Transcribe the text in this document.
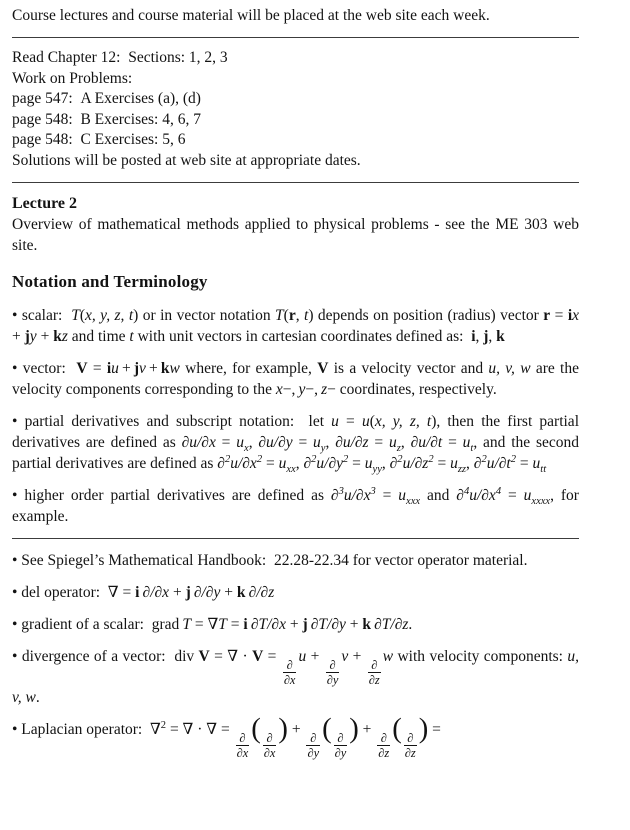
Course lectures and course material will be placed at the web site each week.

Read Chapter 12:  Sections: 1, 2, 3
Work on Problems:
page 547:  A Exercises (a), (d)
page 548:  B Exercises: 4, 6, 7
page 548:  C Exercises: 5, 6
Solutions will be posted at web site at appropriate dates.

Lecture 2

Overview of mathematical methods applied to physical problems - see the ME 303 web site.

Notation and Terminology

• scalar:  T(x, y, z, t) or in vector notation T(r, t) depends on position (radius) vector r = ix + jy + kz and time t with unit vectors in cartesian coordinates defined as:  i, j, k

• vector:  V = iu + jv + kw where, for example, V is a velocity vector and u, v, w are the velocity components corresponding to the x−, y−, z− coordinates, respectively.

• partial derivatives and subscript notation:  let u = u(x, y, z, t), then the first partial derivatives are defined as $\partial u/\partial x = u_x$, $\partial u/\partial y = u_y$, $\partial u/\partial z = u_z$, $\partial u/\partial t = u_t$, and the second partial derivatives are defined as $\partial^2u/\partial x^2 = u_{xx}$, $\partial^2u/\partial y^2 = u_{yy}$, $\partial^2u/\partial z^2 = u_{zz}$, $\partial^2u/\partial t^2 = u_{tt}$

• higher order partial derivatives are defined as $\partial^3u/\partial x^3 = u_{xxx}$ and $\partial^4u/\partial x^4 = u_{xxxx}$, for example.

• See Spiegel’s Mathematical Handbook:  22.28-22.34 for vector operator material.

• del operator:  ∇ = i  ∂/∂x + j  ∂/∂y + k  ∂/∂z

• gradient of a scalar:  grad T = ∇T = i  ∂T/∂x + j  ∂T/∂y + k  ∂T/∂z.

• divergence of a vector:  div V = ∇ · V =
$\frac{\partial}{\partial x}$
u +
$\frac{\partial}{\partial y}$
v +
$\frac{\partial}{\partial z}$
w with velocity components: u, v, w.

• Laplacian operator:  ∇$^2$ = ∇ · ∇ =
$\frac{\partial}{\partial x}$
(
$\frac{\partial}{\partial x}$
) +
$\frac{\partial}{\partial y}$
(
$\frac{\partial}{\partial y}$
) +
$\frac{\partial}{\partial z}$
(
$\frac{\partial}{\partial z}$
) =
